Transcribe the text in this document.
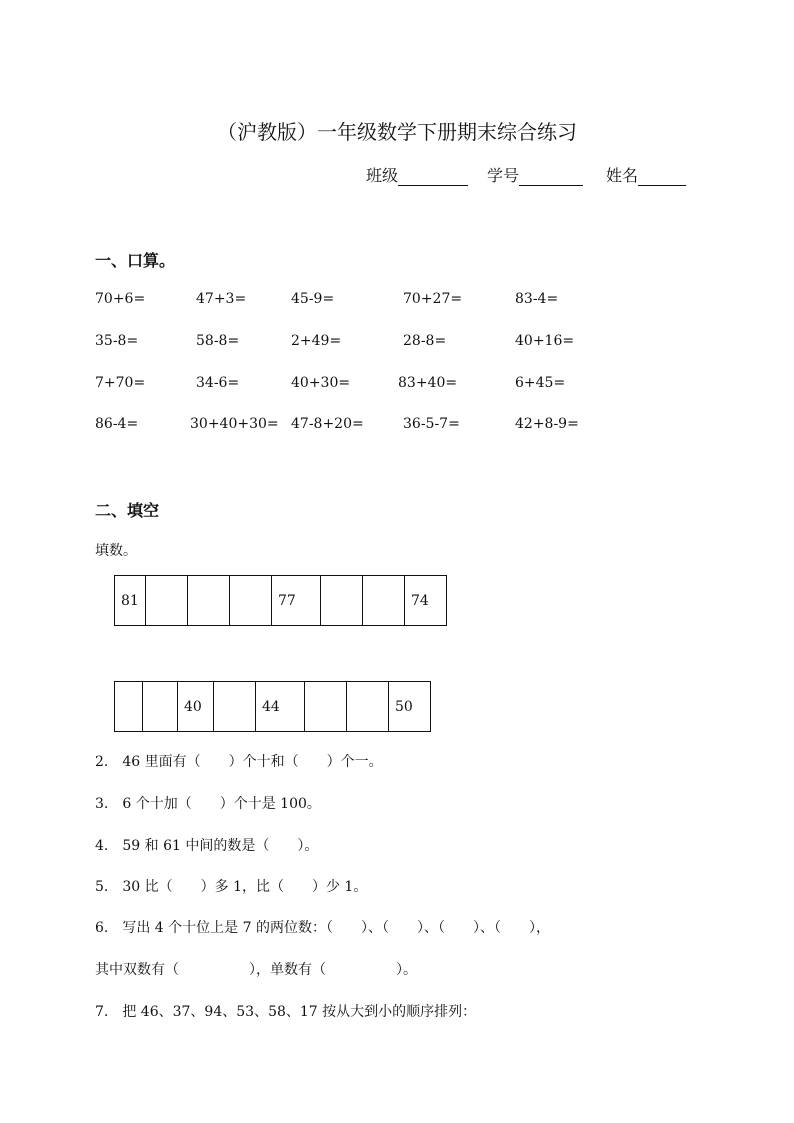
（沪教版）一年级数学下册期末综合练习
班级	学号	姓名
一、口算。
70+6=	47+3=	45-9=	70+27=	83-4=
35-8=	58-8=	2+49=	28-8=	40+16=
7+70=	34-6=	40+30=	83+40=	6+45=
86-4=	30+40+30= 47-8+20=	36-5-7=	42+8-9=
二、填空
填数。
81				77			74
		40		44			50
2.　46 里面有（　　）个十和（　　）个一。
3.　6 个十加（　　）个十是 100。
4.　59 和 61 中间的数是（　　）。
5.　30 比（　　）多 1，比（　　）少 1。
6.　写出 4 个十位上是 7 的两位数：（　　）、（　　）、（　　）、（　　），
其中双数有（　　　　　），单数有（　　　　　）。
7.　把 46、37、94、53、58、17 按从大到小的顺序排列：
